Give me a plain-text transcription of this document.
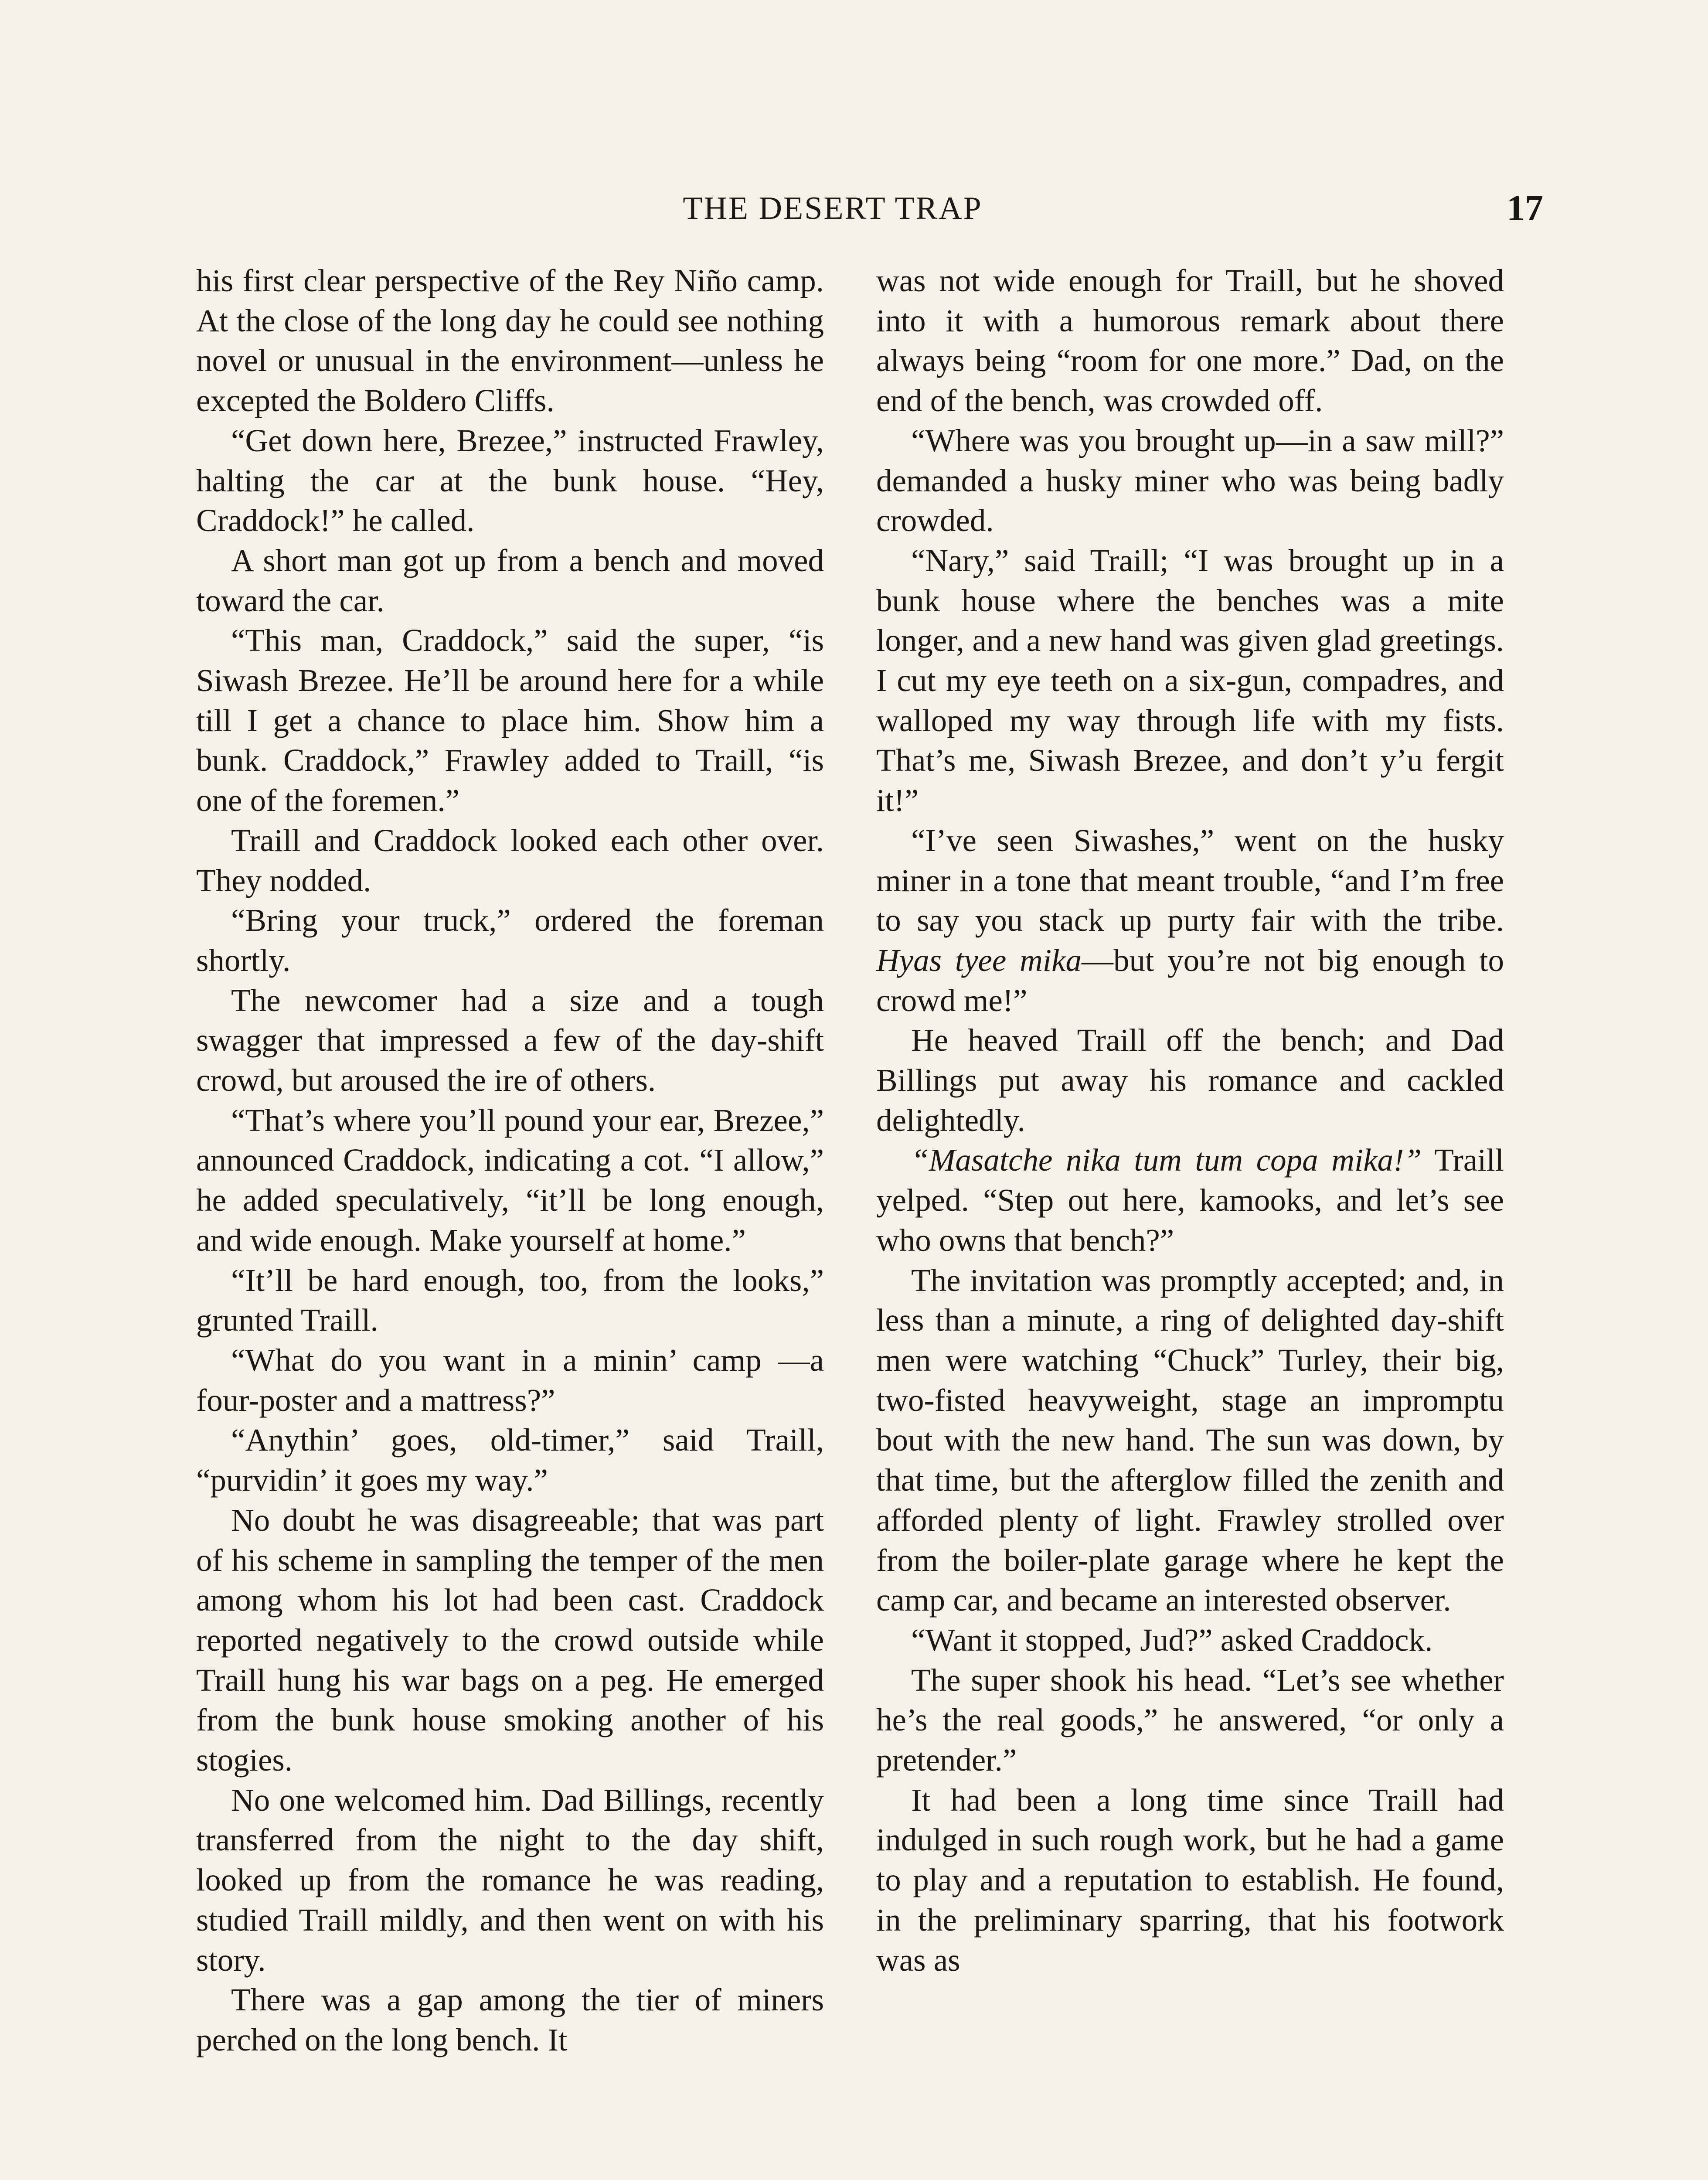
THE DESERT TRAP	17

his first clear perspective of the Rey Niño camp. At the close of the long day he could see nothing novel or unusual in the environment—unless he excepted the Boldero Cliffs.

“Get down here, Brezee,” instructed Frawley, halting the car at the bunk house. “Hey, Craddock!” he called.

A short man got up from a bench and moved toward the car.

“This man, Craddock,” said the super, “is Siwash Brezee. He’ll be around here for a while till I get a chance to place him. Show him a bunk. Craddock,” Frawley added to Traill, “is one of the foremen.”

Traill and Craddock looked each other over. They nodded.

“Bring your truck,” ordered the foreman shortly.

The newcomer had a size and a tough swagger that impressed a few of the day-shift crowd, but aroused the ire of others.

“That’s where you’ll pound your ear, Brezee,” announced Craddock, indicating a cot. “I allow,” he added speculatively, “it’ll be long enough, and wide enough. Make yourself at home.”

“It’ll be hard enough, too, from the looks,” grunted Traill.

“What do you want in a minin’ camp —a four-poster and a mattress?”

“Anythin’ goes, old-timer,” said Traill, “purvidin’ it goes my way.”

No doubt he was disagreeable; that was part of his scheme in sampling the temper of the men among whom his lot had been cast. Craddock reported negatively to the crowd outside while Traill hung his war bags on a peg. He emerged from the bunk house smoking another of his stogies.

No one welcomed him. Dad Billings, recently transferred from the night to the day shift, looked up from the romance he was reading, studied Traill mildly, and then went on with his story.

There was a gap among the tier of miners perched on the long bench. It

was not wide enough for Traill, but he shoved into it with a humorous remark about there always being “room for one more.” Dad, on the end of the bench, was crowded off.

“Where was you brought up—in a saw mill?” demanded a husky miner who was being badly crowded.

“Nary,” said Traill; “I was brought up in a bunk house where the benches was a mite longer, and a new hand was given glad greetings. I cut my eye teeth on a six-gun, compadres, and walloped my way through life with my fists. That’s me, Siwash Brezee, and don’t y’u fergit it!”

“I’ve seen Siwashes,” went on the husky miner in a tone that meant trouble, “and I’m free to say you stack up purty fair with the tribe. Hyas tyee mika—but you’re not big enough to crowd me!”

He heaved Traill off the bench; and Dad Billings put away his romance and cackled delightedly.

“Masatche nika tum tum copa mika!” Traill yelped. “Step out here, kamooks, and let’s see who owns that bench?”

The invitation was promptly accepted; and, in less than a minute, a ring of delighted day-shift men were watching “Chuck” Turley, their big, two-fisted heavyweight, stage an impromptu bout with the new hand. The sun was down, by that time, but the afterglow filled the zenith and afforded plenty of light. Frawley strolled over from the boiler-plate garage where he kept the camp car, and became an interested observer.

“Want it stopped, Jud?” asked Craddock.

The super shook his head. “Let’s see whether he’s the real goods,” he answered, “or only a pretender.”

It had been a long time since Traill had indulged in such rough work, but he had a game to play and a reputation to establish. He found, in the preliminary sparring, that his footwork was as
